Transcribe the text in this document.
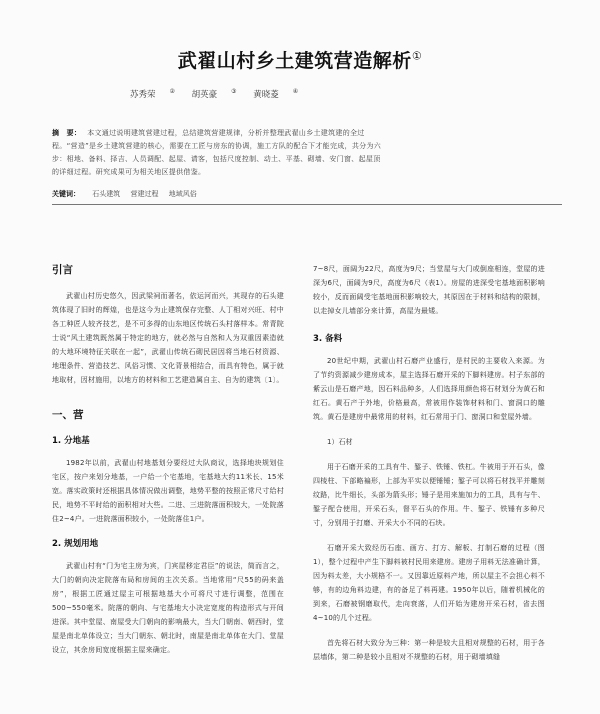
武翟山村乡土建筑营造解析①
苏秀荣 ② 胡英豪 ③ 黄晓菱 ④
摘　要： 本文通过说明建筑营建过程，总结建筑营建规律，分析并整理武翟山乡土建筑建的全过程。“营造”是乡土建筑营建的核心，需要在工匠与房东的协调，施工方队的配合下才能完成，共分为六步：相地、备料、择吉、人员调配、起屋、请客，包括尺度控制、动土、平基、砌墙、安门窗、起屋顶的详细过程。研究成果可为相关地区提供借鉴。
关键词： 石头建筑 营建过程 地域风俗
引言

武翟山村历史悠久，因武梁祠而著名，依运河而兴，其现存的石头建筑体现了旧时的辉煌，也是这今为止建筑保存完整、人丁相对兴旺、村中各工种匠人较齐技艺，是不可多得的山东地区传统石头村落样本。常青院士说“风土建筑既然属于特定的地方，就必然与自然和人为双重因素造就的大地环境特征关联在一起”，武翟山传统石砌民居因将当地石材资源、地理条件、营造技艺、风俗习惯、文化背景相结合，而具有特色，属于就地取材，因材施用，以地方的材料和工艺建造属自主、自为的建筑〔1〕。

一、营
1. 分地基

1982年以前，武翟山村地基划分要经过大队商议，选择地块规划住宅区，按户来划分地基，一户给一个宅基地，宅基地大约11米长、15米宽。落实政策时还根据具体情况做出调整，地势平整的按照正常尺寸给村民，地势不平时给的面积相对大些。二进、三进院落面积较大，一处院落住2~4户。一进院落面积较小，一处院落住1户。

2. 规划用地

武翟山村有“门为宅主房为宾，门宾屋移定君臣”的说法，简而言之，大门的朝向决定院落布局和房间的主次关系。当地常用“尺55的码来盖房”，根据工匠通过屋主可根据地基大小可将尺寸进行调整，范围在500~550毫米。院落的朝向、与宅基地大小决定宽度的构造形式与开间进深。其中堂屋、南屋受大门朝向的影响最大，当大门朝南、朝西时，堂屋是南北单体设立；当大门朝东、朝北时，南屋是南北单体在大门、堂屋设立，其余房间宽度根据主屋来确定。

7~8尺，面阔为22尺，高度为9尺；当堂屋与大门或倒座相连，堂屋的进深为6尺，面阔为9尺，高度为6尺（表1）。房屋的进深受宅基地面积影响较小，反而面阔受宅基地面积影响较大，其原因在于材料和结构的限制，以走掉女儿墙部分来计算，高屋为最矮。

3. 备料

20世纪中期，武翟山村石磨产业盛行，是村民的主要收入来源。为了节约资源减少建房成本，屋主选择石磨开采的下脚料建房。村子东部的紫云山是石磨产地，因石料品种多，人们选择用颜色将石材划分为黄石和红石。黄石产于外地，价格最高，常被用作装饰材料和门、窗洞口的雕筑。黄石是建房中最常用的材料，红石常用于门、窗洞口和堂屋外墙。

1）石材

用于石磨开采的工具有牛、錾子、铁锤、铁杠。牛被用于开石头，像四棱柱、下部略褊形，上部为平实以便锤锤；錾子可以将石材找平并雕刻纹路，比牛细长，头部为箭头形；锤子是用来施加力的工具，具有与牛、錾子配合使用，开采石头，督平石头的作用。牛、錾子、铁锤有多种尺寸，分别用于打磨、开采大小不同的石块。

石磨开采大致经历石座、画方、打方、解板、打制石磨的过程（图1），整个过程中产生下脚料被村民用来建房。建房子用料无法准确计算，因为料太差，大小规格不一。又因靠近原料产地，所以屋主不会担心料不够，有的边角料边建，有的备足了料再建。1950年以后，随着机械化的到来，石磨被钢磨取代，走向衰落，人们开始为建房开采石材，省去图4~10的几个过程。

首先将石材大致分为三种：第一种是较大且相对规整的石材，用于各层墙体，第二种是较小且相对不规整的石材，用于砌墙填缝
